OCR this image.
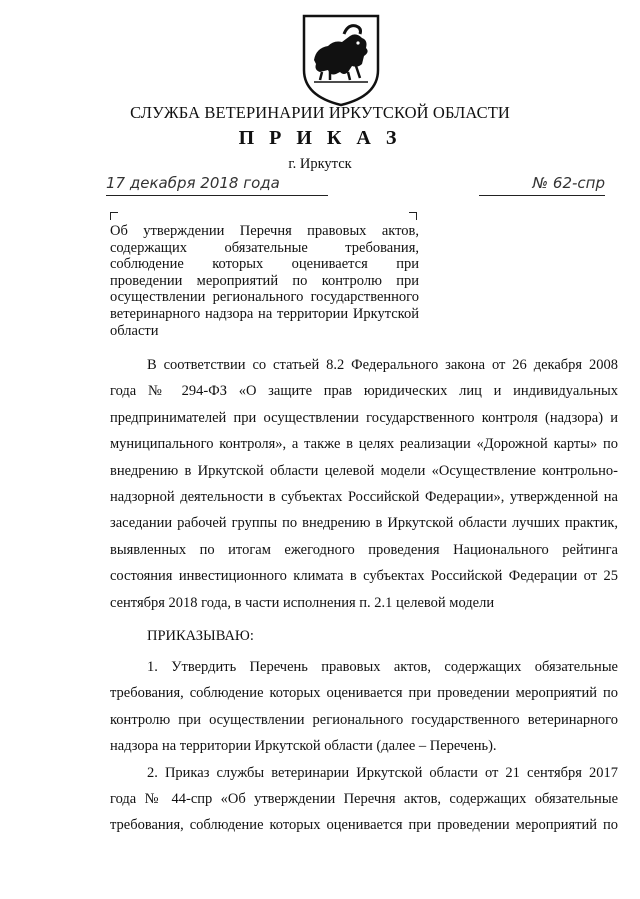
СЛУЖБА ВЕТЕРИНАРИИ ИРКУТСКОЙ ОБЛАСТИ
П Р И К А З
г. Иркутск
17 декабря 2018 года	№ 62-спр
Об утверждении Перечня правовых актов,
содержащих обязательные требования,
соблюдение которых оценивается при
проведении мероприятий по контролю при
осуществлении регионального государственного
ветеринарного надзора на территории Иркутской
области
В соответствии со статьей 8.2 Федерального закона от 26 декабря 2008
года № 294-ФЗ «О защите прав юридических лиц и индивидуальных
предпринимателей при осуществлении государственного контроля (надзора) и
муниципального контроля», а также в целях реализации «Дорожной карты» по
внедрению в Иркутской области целевой модели «Осуществление контрольно-
надзорной деятельности в субъектах Российской Федерации», утвержденной на
заседании рабочей группы по внедрению в Иркутской области лучших практик,
выявленных по итогам ежегодного проведения Национального рейтинга
состояния инвестиционного климата в субъектах Российской Федерации от 25
сентября 2018 года, в части исполнения п. 2.1 целевой модели
ПРИКАЗЫВАЮ:
1. Утвердить Перечень правовых актов, содержащих обязательные
требования, соблюдение которых оценивается при проведении мероприятий по
контролю при осуществлении регионального государственного ветеринарного
надзора на территории Иркутской области (далее – Перечень).
2. Приказ службы ветеринарии Иркутской области от 21 сентября 2017
года № 44-спр «Об утверждении Перечня актов, содержащих обязательные
требования, соблюдение которых оценивается при проведении мероприятий по
